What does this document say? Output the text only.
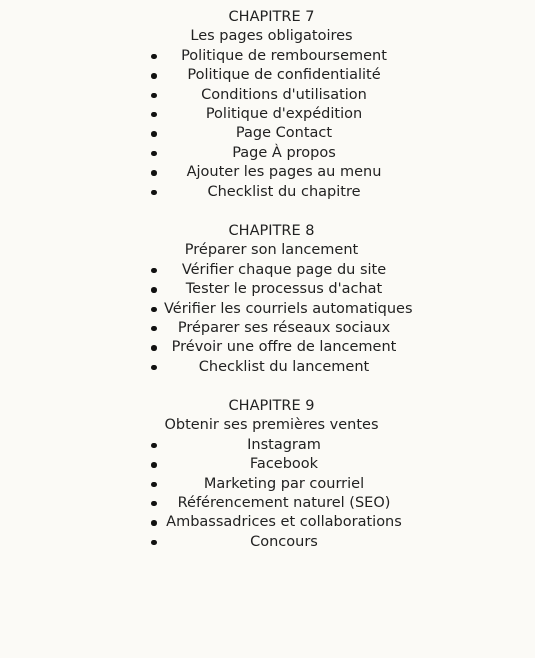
CHAPITRE 7
Les pages obligatoires
Politique de remboursement
Politique de confidentialité
Conditions d'utilisation
Politique d'expédition
Page Contact
Page À propos
Ajouter les pages au menu
Checklist du chapitre
CHAPITRE 8
Préparer son lancement
Vérifier chaque page du site
Tester le processus d'achat
Vérifier les courriels automatiques
Préparer ses réseaux sociaux
Prévoir une offre de lancement
Checklist du lancement
CHAPITRE 9
Obtenir ses premières ventes
Instagram
Facebook
Marketing par courriel
Référencement naturel (SEO)
Ambassadrices et collaborations
Concours
